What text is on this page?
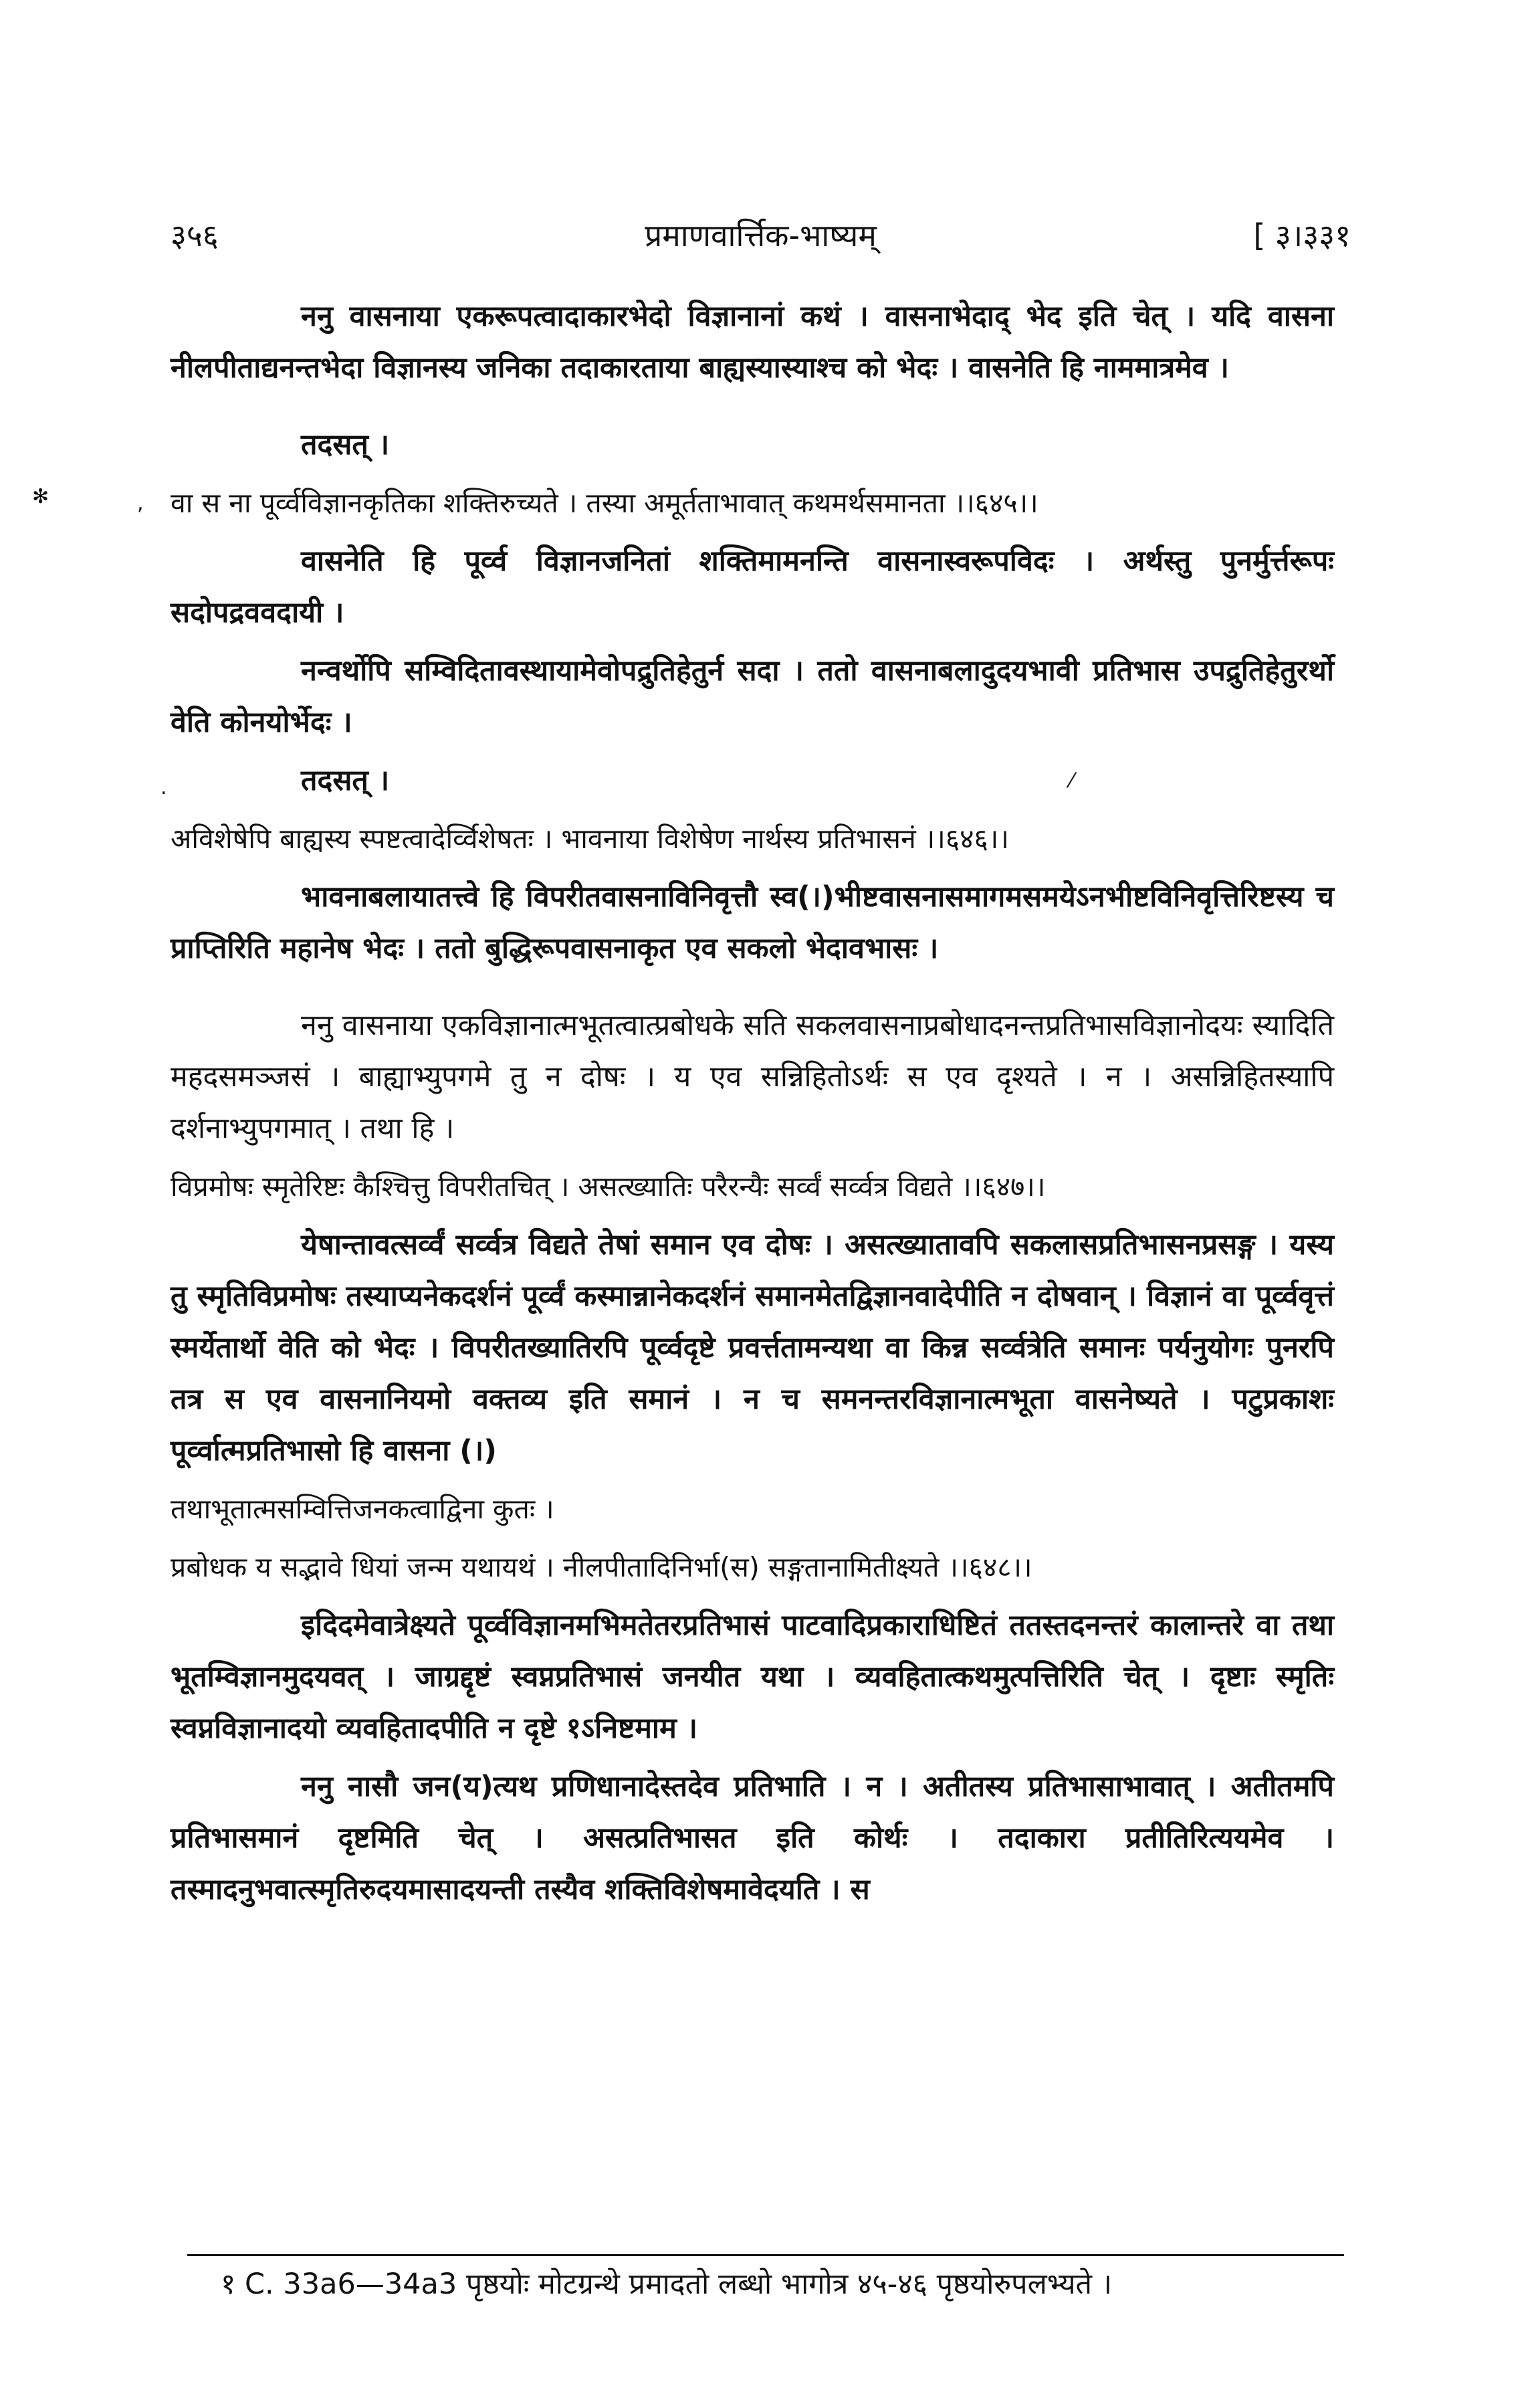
३५६	प्रमाणवार्त्तिक-भाष्यम्	[ ३।३३१
✻	,
.	⁄

ननु वासनाया एकरूपत्वादाकारभेदो विज्ञानानां कथं । वासनाभेदाद् भेद इति चेत् । यदि वासना नीलपीताद्यनन्तभेदा विज्ञानस्य जनिका तदाकारताया बाह्यस्यास्याश्च को भेदः । वासनेति हि नाममात्रमेव ।

तदसत् ।

वा स ना पूर्व्वविज्ञानकृतिका शक्तिरुच्यते । तस्या अमूर्तताभावात् कथमर्थसमानता ।।६४५।।

वासनेति हि पूर्व्व विज्ञानजनितां शक्तिमामनन्ति वासनास्वरूपविदः । अर्थस्तु पुनर्मुर्त्तरूपः सदोपद्रववदायी ।

नन्वर्थोपि सम्विदितावस्थायामेवोपद्रुतिहेतुर्न सदा । ततो वासनाबलादुदयभावी प्रतिभास उपद्रुतिहेतुरर्थो वेति कोनयोर्भेदः ।

तदसत् ।

अविशेषेपि बाह्यस्य स्पष्टत्वादेर्व्विशेषतः । भावनाया विशेषेण नार्थस्य प्रतिभासनं ।।६४६।।

भावनाबलायातत्त्वे हि विपरीतवासनाविनिवृत्तौ स्व(।)भीष्टवासनासमागमसमयेऽनभीष्टविनिवृत्तिरिष्टस्य च प्राप्तिरिति महानेष भेदः । ततो बुद्धिरूपवासनाकृत एव सकलो भेदावभासः ।

ननु वासनाया एकविज्ञानात्मभूतत्वात्प्रबोधके सति सकलवासनाप्रबोधादनन्तप्रतिभासविज्ञानोदयः स्यादिति महदसमञ्जसं । बाह्याभ्युपगमे तु न दोषः । य एव सन्निहितोऽर्थः स एव दृश्यते । न । असन्निहितस्यापि दर्शनाभ्युपगमात् । तथा हि ।

विप्रमोषः स्मृतेरिष्टः कैश्चित्तु विपरीतचित् । असत्ख्यातिः परैरन्यैः सर्व्वं सर्व्वत्र विद्यते ।।६४७।।

येषान्तावत्सर्व्वं सर्व्वत्र विद्यते तेषां समान एव दोषः । असत्ख्यातावपि सकलासप्रतिभासनप्रसङ्ग । यस्य तु स्मृतिविप्रमोषः तस्याप्यनेकदर्शनं पूर्व्वं कस्मान्नानेकदर्शनं समानमेतद्विज्ञानवादेपीति न दोषवान् । विज्ञानं वा पूर्व्ववृत्तं स्मर्येतार्थो वेति को भेदः । विपरीतख्यातिरपि पूर्व्वदृष्टे प्रवर्त्ततामन्यथा वा किन्न सर्व्वत्रेति समानः पर्यनुयोगः पुनरपि तत्र स एव वासनानियमो वक्तव्य इति समानं । न च समनन्तरविज्ञानात्मभूता वासनेष्यते । पटुप्रकाशः पूर्व्वात्मप्रतिभासो हि वासना (।)

तथाभूतात्मसम्वित्तिजनकत्वाद्विना कुतः ।

प्रबोधक य सद्भावे धियां जन्म यथायथं । नीलपीतादिनिर्भा(स) सङ्गतानामितीक्ष्यते ।।६४८।।

इदिदमेवात्रेक्ष्यते पूर्व्वविज्ञानमभिमतेतरप्रतिभासं पाटवादिप्रकाराधिष्टितं ततस्तदनन्तरं कालान्तरे वा तथा भूतम्विज्ञानमुदयवत् । जाग्रद्दृष्टं स्वप्नप्रतिभासं जनयीत यथा । व्यवहितात्कथमुत्पत्तिरिति चेत् । दृष्टाः स्मृतिः स्वप्नविज्ञानादयो व्यवहितादपीति न दृष्टे १ऽनिष्टमाम ।

ननु नासौ जन(य)त्यथ प्रणिधानादेस्तदेव प्रतिभाति । न । अतीतस्य प्रतिभासाभावात् । अतीतमपि प्रतिभासमानं दृष्टमिति चेत् । असत्प्रतिभासत इति कोर्थः । तदाकारा प्रतीतिरित्ययमेव । तस्मादनुभवात्स्मृतिरुदयमासादयन्ती तस्यैव शक्तिविशेषमावेदयति । स

१ C. 33a6—34a3 पृष्ठयोः मोटग्रन्थे प्रमादतो लब्धो भागोत्र ४५-४६ पृष्ठयोरुपलभ्यते ।
